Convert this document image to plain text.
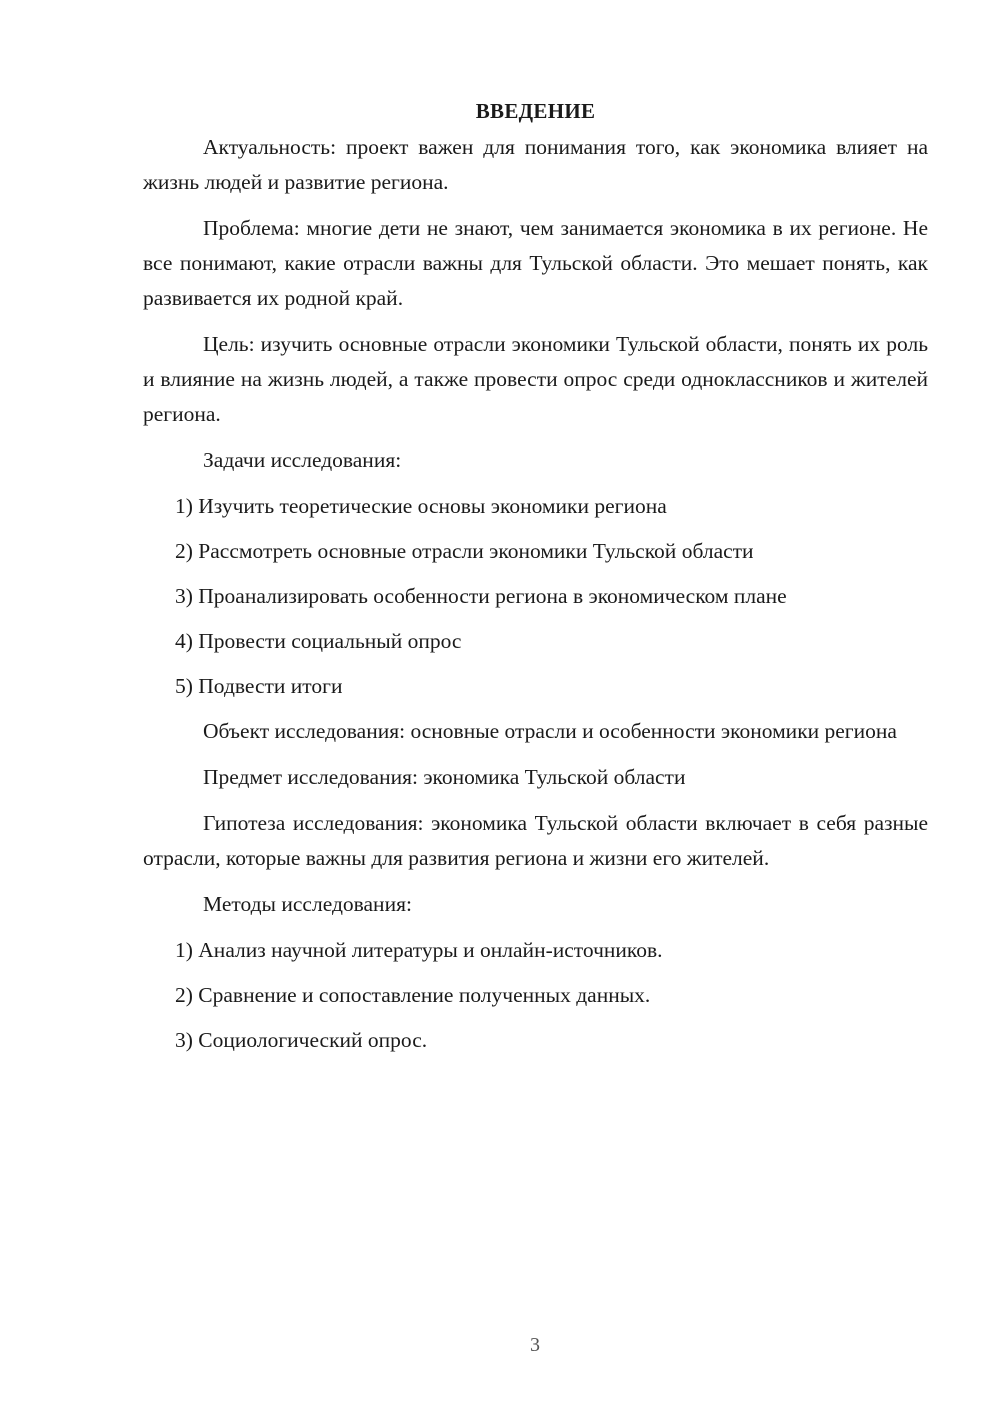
ВВЕДЕНИЕ

Актуальность: проект важен для понимания того, как экономика влияет на жизнь людей и развитие региона.

Проблема: многие дети не знают, чем занимается экономика в их регионе. Не все понимают, какие отрасли важны для Тульской области. Это мешает понять, как развивается их родной край.

Цель: изучить основные отрасли экономики Тульской области, понять их роль и влияние на жизнь людей, а также провести опрос среди одноклассников и жителей региона.

Задачи исследования:

1) Изучить теоретические основы экономики региона

2) Рассмотреть основные отрасли экономики Тульской области

3) Проанализировать особенности региона в экономическом плане

4) Провести социальный опрос

5) Подвести итоги

Объект исследования: основные отрасли и особенности экономики региона

Предмет исследования: экономика Тульской области

Гипотеза исследования: экономика Тульской области включает в себя разные отрасли, которые важны для развития региона и жизни его жителей.

Методы исследования:

1) Анализ научной литературы и онлайн-источников.

2) Сравнение и сопоставление полученных данных.

3) Социологический опрос.

3
